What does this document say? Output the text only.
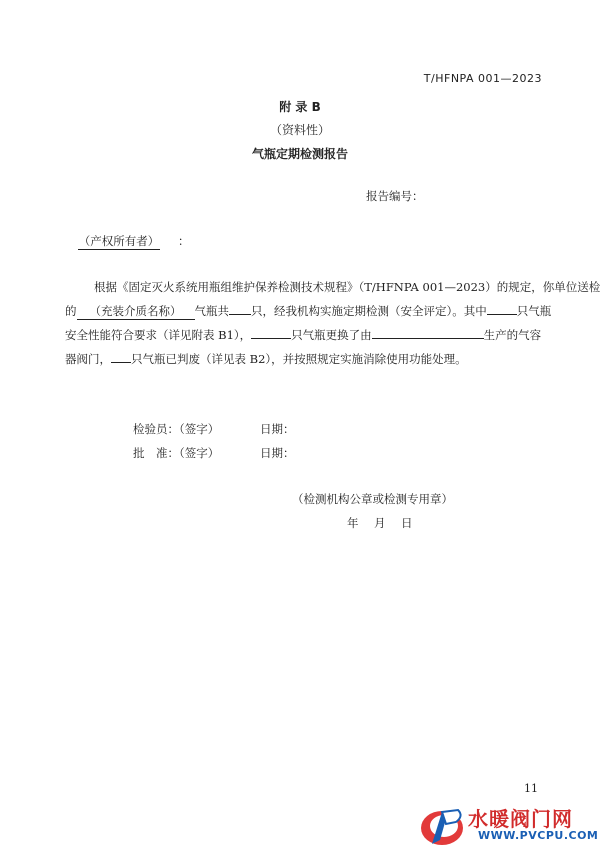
T/HFNPA 001—2023
附 录 B
（资料性）
气瓶定期检测报告
报告编号：
（产权所有者） ：
根据《固定灭火系统用瓶组维护保养检测技术规程》（T/HFNPA 001—2023）的规定，你单位送检
的 （充装介质名称） 气瓶共 只，经我机构实施定期检测（安全评定）。其中	只气瓶
安全性能符合要求（详见附表 B1），	只气瓶更换了由	生产的气容
器阀门， 只气瓶已判废（详见表 B2），并按照规定实施消除使用功能处理。
检验员：（签字）	日期：
批　准：（签字）	日期：
（检测机构公章或检测专用章）
年　月　日
11
水暖阀门网
WWW.PVCPU.COM
